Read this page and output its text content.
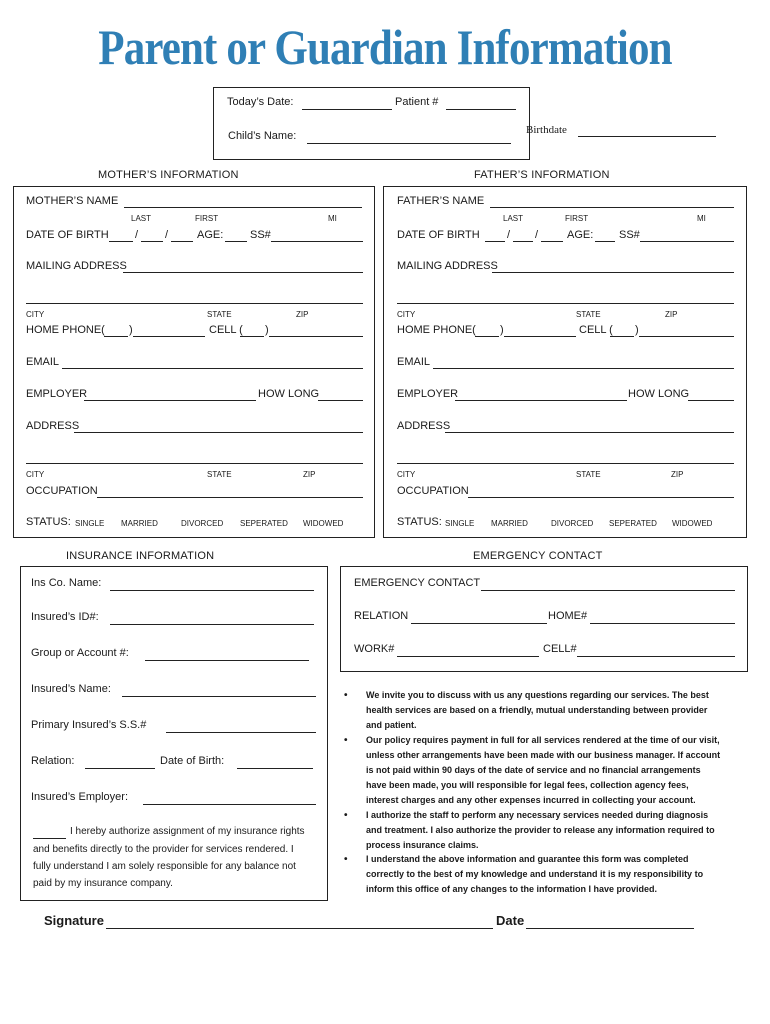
Parent or Guardian Information
Today’s Date:	Patient #
Child’s Name:	Birthdate
MOTHER’S INFORMATION	FATHER’S INFORMATION
MOTHER’S NAME
LAST	FIRST	MI
DATE OF BIRTH / /	AGE: SS#
MAILING ADDRESS
CITY	STATE	ZIP
HOME PHONE( )	CELL ( )
EMAIL
EMPLOYER	HOW LONG
ADDRESS
CITY	STATE	ZIP
OCCUPATION
STATUS: SINGLE MARRIED	DIVORCED SEPERATED WIDOWED
FATHER’S NAME
LAST	FIRST	MI
DATE OF BIRTH / /	AGE: SS#
MAILING ADDRESS
CITY	STATE	ZIP
HOME PHONE( )	CELL ( )
EMAIL
EMPLOYER	HOW LONG
ADDRESS
CITY	STATE	ZIP
OCCUPATION
STATUS: SINGLE MARRIED	DIVORCED SEPERATED WIDOWED
INSURANCE INFORMATION	EMERGENCY CONTACT
Ins Co. Name:
Insured’s ID#:
Group or Account #:
Insured’s Name:
Primary Insured’s S.S.#
Relation:	Date of Birth:
Insured’s Employer:
I hereby authorize assignment of my insurance rights
and benefits directly to the provider for services rendered. I
fully understand I am solely responsible for any balance not
paid by my insurance company.
EMERGENCY CONTACT
RELATION	HOME#
WORK#	CELL#
• We invite you to discuss with us any questions regarding our services. The best health services are based on a friendly, mutual understanding between provider and patient.
• Our policy requires payment in full for all services rendered at the time of our visit, unless other arrangements have been made with our business manager. If account is not paid within 90 days of the date of service and no financial arrangements have been made, you will responsible for legal fees, collection agency fees, interest charges and any other expenses incurred in collecting your account.
• I authorize the staff to perform any necessary services needed during diagnosis and treatment. I also authorize the provider to release any information required to process insurance claims.
• I understand the above information and guarantee this form was completed correctly to the best of my knowledge and understand it is my responsibility to inform this office of any changes to the information I have provided.
Signature	Date
